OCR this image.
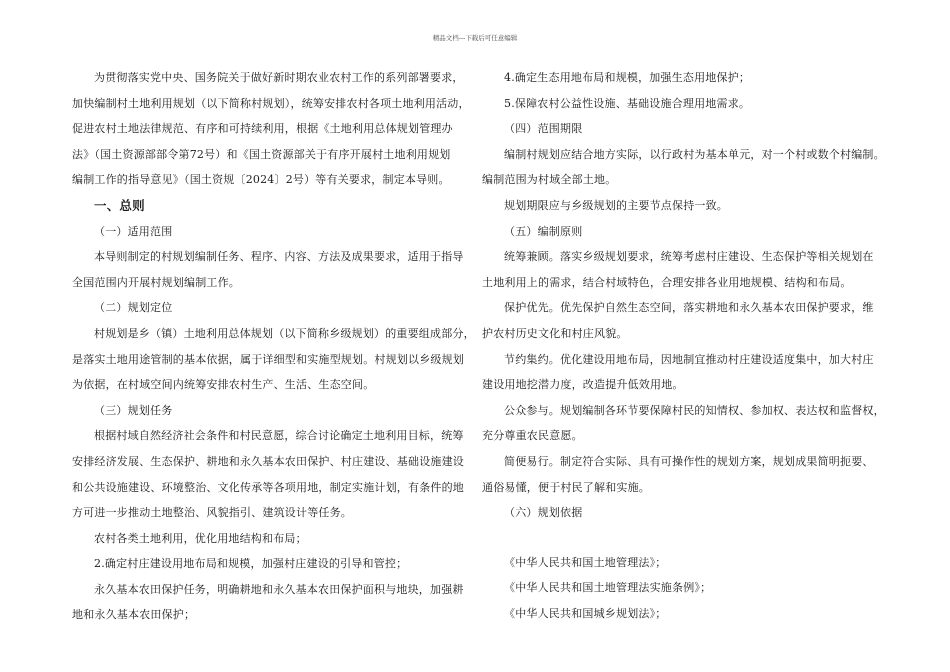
精品文档---下载后可任意编辑
为贯彻落实党中央、国务院关于做好新时期农业农村工作的系列部署要求，
加快编制村土地利用规划（以下简称村规划），统筹安排农村各项土地利用活动，
促进农村土地法律规范、有序和可持续利用，根据《土地利用总体规划管理办
法》（国土资源部部令第72号）和《国土资源部关于有序开展村土地利用规划
编制工作的指导意见》（国土资规〔2024〕2号）等有关要求，制定本导则。
一、总则
（一）适用范围
本导则制定的村规划编制任务、程序、内容、方法及成果要求，适用于指导
全国范围内开展村规划编制工作。
（二）规划定位
村规划是乡（镇）土地利用总体规划（以下简称乡级规划）的重要组成部分，
是落实土地用途管制的基本依据，属于详细型和实施型规划。村规划以乡级规划
为依据，在村域空间内统筹安排农村生产、生活、生态空间。
（三）规划任务
根据村域自然经济社会条件和村民意愿，综合讨论确定土地利用目标，统筹
安排经济发展、生态保护、耕地和永久基本农田保护、村庄建设、基础设施建设
和公共设施建设、环境整治、文化传承等各项用地，制定实施计划，有条件的地
方可进一步推动土地整治、风貌指引、建筑设计等任务。
农村各类土地利用，优化用地结构和布局；
2.确定村庄建设用地布局和规模，加强村庄建设的引导和管控；
永久基本农田保护任务，明确耕地和永久基本农田保护面积与地块，加强耕
地和永久基本农田保护；
4.确定生态用地布局和规模，加强生态用地保护；
5.保障农村公益性设施、基础设施合理用地需求。
（四）范围期限
编制村规划应结合地方实际，以行政村为基本单元，对一个村或数个村编制。
编制范围为村域全部土地。
规划期限应与乡级规划的主要节点保持一致。
（五）编制原则
统筹兼顾。落实乡级规划要求，统筹考虑村庄建设、生态保护等相关规划在
土地利用上的需求，结合村域特色，合理安排各业用地规模、结构和布局。
保护优先。优先保护自然生态空间，落实耕地和永久基本农田保护要求，维
护农村历史文化和村庄风貌。
节约集约。优化建设用地布局，因地制宜推动村庄建设适度集中，加大村庄
建设用地挖潜力度，改造提升低效用地。
公众参与。规划编制各环节要保障村民的知情权、参加权、表达权和监督权，
充分尊重农民意愿。
简便易行。制定符合实际、具有可操作性的规划方案，规划成果简明扼要、
通俗易懂，便于村民了解和实施。
（六）规划依据
《中华人民共和国土地管理法》；
《中华人民共和国土地管理法实施条例》；
《中华人民共和国城乡规划法》；
